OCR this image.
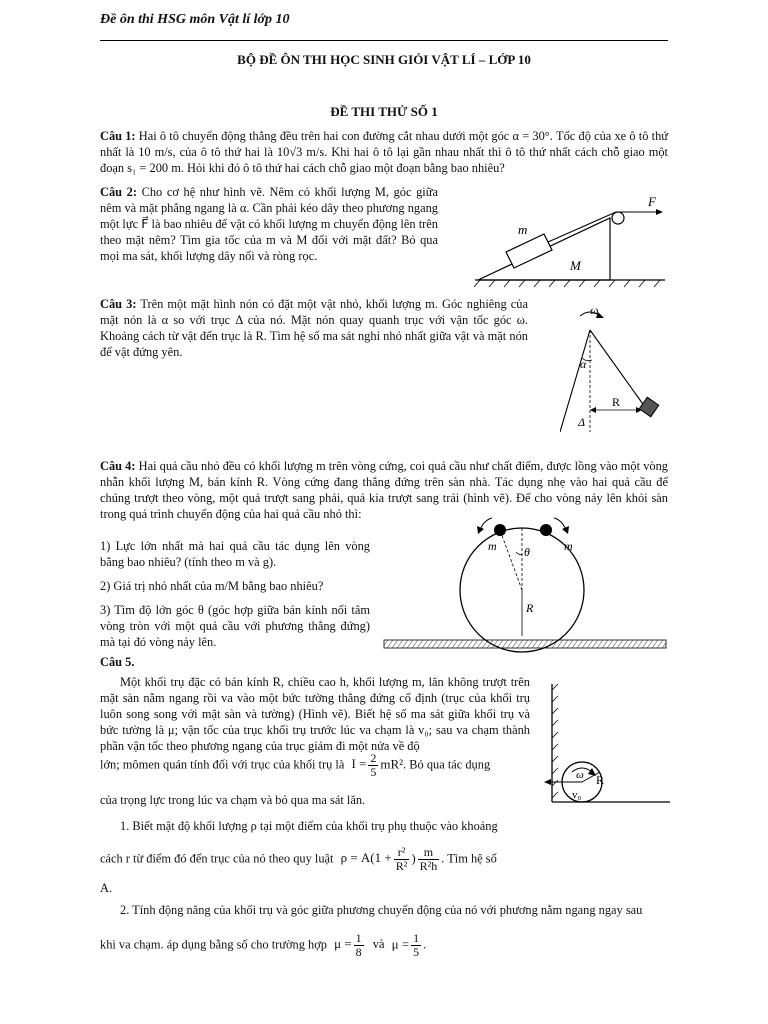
Đề ôn thi HSG môn Vật lí lớp 10
BỘ ĐỀ ÔN THI HỌC SINH GIỎI VẬT LÍ – LỚP 10
ĐỀ THI THỬ SỐ 1
Câu 1: Hai ô tô chuyển động thẳng đều trên hai con đường cắt nhau dưới một góc α = 30°. Tốc độ của xe ô tô thứ nhất là 10 m/s, của ô tô thứ hai là 10√3 m/s. Khi hai ô tô lại gần nhau nhất thì ô tô thứ nhất cách chỗ giao một đoạn s₁ = 200 m. Hỏi khi đó ô tô thứ hai cách chỗ giao một đoạn bằng bao nhiêu?
Câu 2: Cho cơ hệ như hình vẽ. Nêm có khối lượng M, góc giữa nêm và mặt phẳng ngang là α. Cần phải kéo dây theo phương ngang một lực F⃗ là bao nhiêu để vật có khối lượng m chuyển động lên trên theo mặt nêm? Tìm gia tốc của m và M đối với mặt đất? Bỏ qua mọi ma sát, khối lượng dây nối và ròng rọc.
m
M
F
Câu 3: Trên một mặt hình nón có đặt một vật nhỏ, khối lượng m. Góc nghiêng của mặt nón là α so với trục Δ của nó. Mặt nón quay quanh trục với vận tốc góc ω. Khoảng cách từ vật đến trục là R. Tìm hệ số ma sát nghỉ nhỏ nhất giữa vật và mặt nón để vật đứng yên.
ω
α
R
Δ
Câu 4: Hai quả cầu nhỏ đều có khối lượng m trên vòng cứng, coi quả cầu như chất điểm, được lồng vào một vòng nhẫn khối lượng M, bán kính R. Vòng cứng đang thẳng đứng trên sàn nhà. Tác dụng nhẹ vào hai quả cầu để chúng trượt theo vòng, một quả trượt sang phải, quả kia trượt sang trái (hình vẽ). Để cho vòng nảy lên khỏi sàn trong quá trình chuyển động của hai quả cầu nhỏ thì:
1) Lực lớn nhất mà hai quả cầu tác dụng lên vòng bằng bao nhiêu? (tính theo m và g).
2) Giá trị nhỏ nhất của m/M bằng bao nhiêu?
3) Tìm độ lớn góc θ (góc hợp giữa bán kính nối tâm vòng tròn với một quả cầu với phương thẳng đứng) mà tại đó vòng nảy lên.
m	m
θ
R
Câu 5.
Một khối trụ đặc có bán kính R, chiều cao h, khối lượng m, lăn không trượt trên mặt sàn nằm ngang rồi va vào một bức tường thẳng đứng cố định (trục của khối trụ luôn song song với mặt sàn và tường) (Hình vẽ). Biết hệ số ma sát giữa khối trụ và bức tường là μ; vận tốc của trục khối trụ trước lúc va chạm là v₀; sau va chạm thành phần vận tốc theo phương ngang của trục giảm đi một nửa về độ
lớn; mômen quán tính đối với trục của khối trụ là $I = \frac{2}{5} mR^2$. Bỏ qua tác dụng
của trọng lực trong lúc va chạm và bỏ qua ma sát lăn.
ω R
v₀
1. Biết mật độ khối lượng ρ tại một điểm của khối trụ phụ thuộc vào khoảng
cách r từ điểm đó đến trục của nó theo quy luật $\rho = A(1 + \frac{\text{r²}}{\text{R²}}$ ) $\frac{m}{\text{R²h}}$ . Tìm hệ số
A.
2. Tính động năng của khối trụ và góc giữa phương chuyển động của nó với phương nằm ngang ngay sau
khi va chạm. áp dụng bằng số cho trường hợp $\mu = \frac{1}{8}$ và $\mu = \frac{1}{5}$ .
